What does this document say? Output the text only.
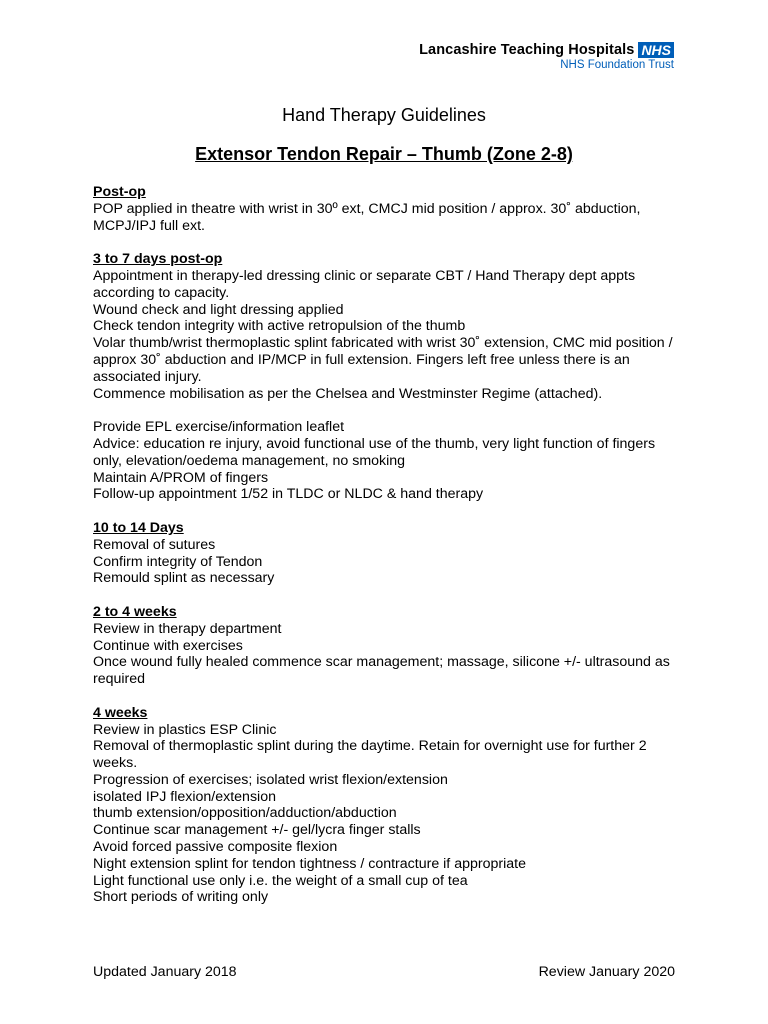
Lancashire Teaching Hospitals NHS
NHS Foundation Trust
Hand Therapy Guidelines
Extensor Tendon Repair – Thumb (Zone 2-8)
Post-op
POP applied in theatre with wrist in 30º ext, CMCJ mid position / approx. 30˚ abduction, MCPJ/IPJ full ext.
3 to 7 days post-op
Appointment in therapy-led dressing clinic or separate CBT / Hand Therapy dept appts according to capacity.
Wound check and light dressing applied
Check tendon integrity with active retropulsion of the thumb
Volar thumb/wrist thermoplastic splint fabricated with wrist 30˚ extension, CMC mid position / approx 30˚ abduction and IP/MCP in full extension. Fingers left free unless there is an associated injury.
Commence mobilisation as per the Chelsea and Westminster Regime (attached).
Provide EPL exercise/information leaflet
Advice: education re injury, avoid functional use of the thumb, very light function of fingers only, elevation/oedema management, no smoking
Maintain A/PROM of fingers
Follow-up appointment 1/52 in TLDC or NLDC & hand therapy
10 to 14 Days
Removal of sutures
Confirm integrity of Tendon
Remould splint as necessary
2 to 4 weeks
Review in therapy department
Continue with exercises
Once wound fully healed commence scar management; massage, silicone +/- ultrasound as required
4 weeks
Review in plastics ESP Clinic
Removal of thermoplastic splint during the daytime. Retain for overnight use for further 2 weeks.
Progression of exercises; isolated wrist flexion/extension
isolated IPJ flexion/extension
thumb extension/opposition/adduction/abduction
Continue scar management +/- gel/lycra finger stalls
Avoid forced passive composite flexion
Night extension splint for tendon tightness / contracture if appropriate
Light functional use only i.e. the weight of a small cup of tea
Short periods of writing only
Updated January 2018	Review January 2020
